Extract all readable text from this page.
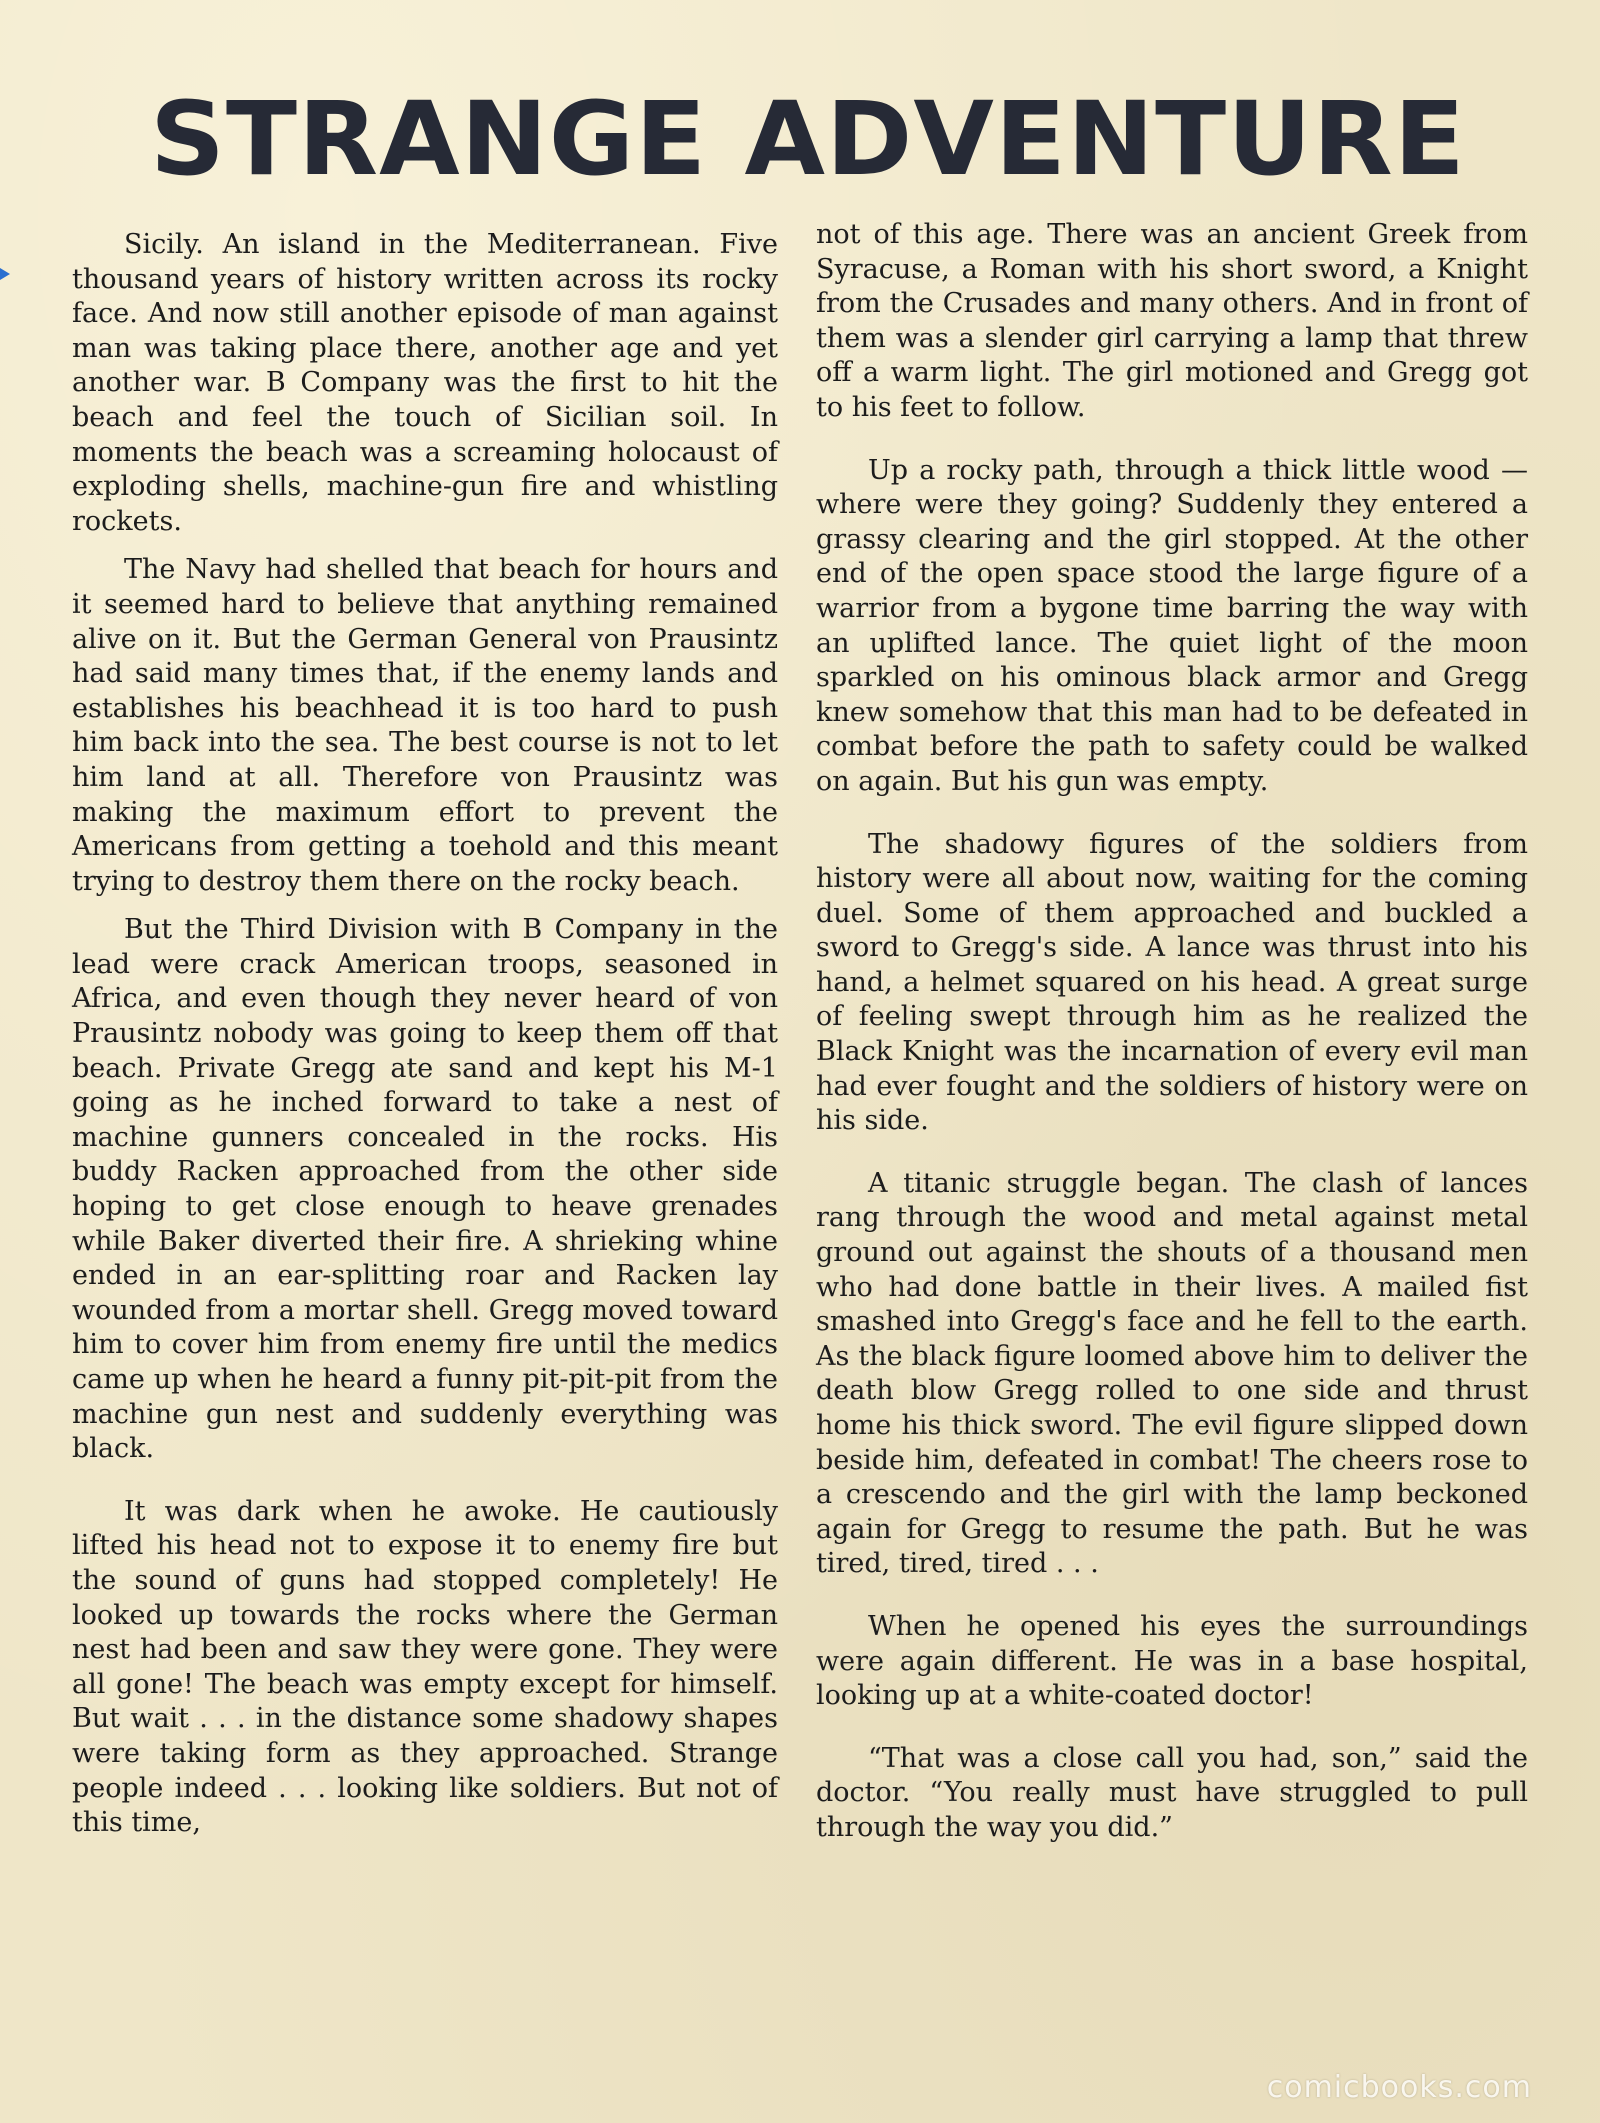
STRANGE ADVENTURE

Sicily. An island in the Mediterranean. Five thousand years of history written across its rocky face. And now still another episode of man against man was taking place there, another age and yet another war. B Company was the first to hit the beach and feel the touch of Sicilian soil. In moments the beach was a screaming holocaust of exploding shells, machine-gun fire and whistling rockets.

The Navy had shelled that beach for hours and it seemed hard to believe that anything remained alive on it. But the German General von Prausintz had said many times that, if the enemy lands and establishes his beachhead it is too hard to push him back into the sea. The best course is not to let him land at all. Therefore von Prausintz was making the maximum effort to prevent the Americans from getting a toehold and this meant trying to destroy them there on the rocky beach.

But the Third Division with B Company in the lead were crack American troops, seasoned in Africa, and even though they never heard of von Prausintz nobody was going to keep them off that beach. Private Gregg ate sand and kept his M-1 going as he inched forward to take a nest of machine gunners concealed in the rocks. His buddy Racken approached from the other side hoping to get close enough to heave grenades while Baker diverted their fire. A shrieking whine ended in an ear-splitting roar and Racken lay wounded from a mortar shell. Gregg moved toward him to cover him from enemy fire until the medics came up when he heard a funny pit-pit-pit from the machine gun nest and suddenly everything was black.

It was dark when he awoke. He cautiously lifted his head not to expose it to enemy fire but the sound of guns had stopped completely! He looked up towards the rocks where the German nest had been and saw they were gone. They were all gone! The beach was empty except for himself. But wait . . . in the distance some shadowy shapes were taking form as they approached. Strange people indeed . . . looking like soldiers. But not of this time,

not of this age. There was an ancient Greek from Syracuse, a Roman with his short sword, a Knight from the Crusades and many others. And in front of them was a slender girl carrying a lamp that threw off a warm light. The girl motioned and Gregg got to his feet to follow.

Up a rocky path, through a thick little wood — where were they going? Suddenly they entered a grassy clearing and the girl stopped. At the other end of the open space stood the large figure of a warrior from a bygone time barring the way with an uplifted lance. The quiet light of the moon sparkled on his ominous black armor and Gregg knew somehow that this man had to be defeated in combat before the path to safety could be walked on again. But his gun was empty.

The shadowy figures of the soldiers from history were all about now, waiting for the coming duel. Some of them approached and buckled a sword to Gregg's side. A lance was thrust into his hand, a helmet squared on his head. A great surge of feeling swept through him as he realized the Black Knight was the incarnation of every evil man had ever fought and the soldiers of history were on his side.

A titanic struggle began. The clash of lances rang through the wood and metal against metal ground out against the shouts of a thousand men who had done battle in their lives. A mailed fist smashed into Gregg's face and he fell to the earth. As the black figure loomed above him to deliver the death blow Gregg rolled to one side and thrust home his thick sword. The evil figure slipped down beside him, defeated in combat! The cheers rose to a crescendo and the girl with the lamp beckoned again for Gregg to resume the path. But he was tired, tired, tired . . .

When he opened his eyes the surroundings were again different. He was in a base hospital, looking up at a white-coated doctor!

“That was a close call you had, son,” said the doctor. “You really must have struggled to pull through the way you did.”

comicbooks.com
